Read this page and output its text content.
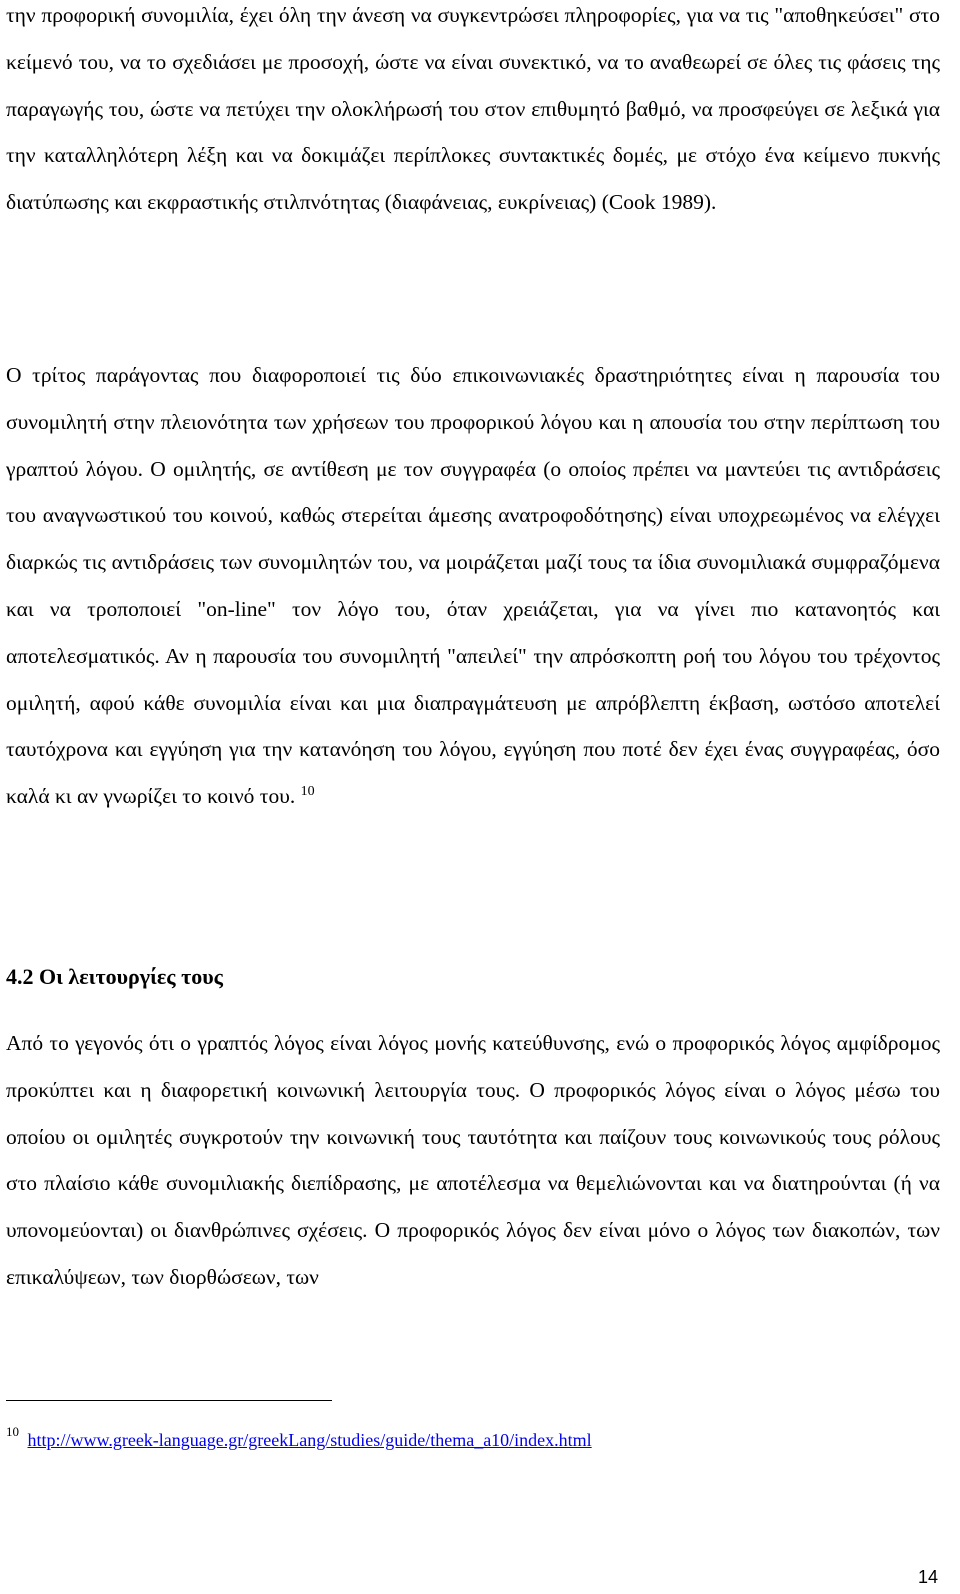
την προφορική συνομιλία, έχει όλη την άνεση να συγκεντρώσει πληροφορίες, για να τις "αποθηκεύσει" στο κείμενό του, να το σχεδιάσει με προσοχή, ώστε να είναι συνεκτικό, να το αναθεωρεί σε όλες τις φάσεις της παραγωγής του, ώστε να πετύχει την ολοκλήρωσή του στον επιθυμητό βαθμό, να προσφεύγει σε λεξικά για την καταλληλότερη λέξη και να δοκιμάζει περίπλοκες συντακτικές δομές, με στόχο ένα κείμενο πυκνής διατύπωσης και εκφραστικής στιλπνότητας (διαφάνειας, ευκρίνειας) (Cook 1989).

Ο τρίτος παράγοντας που διαφοροποιεί τις δύο επικοινωνιακές δραστηριότητες είναι η παρουσία του συνομιλητή στην πλειονότητα των χρήσεων του προφορικού λόγου και η απουσία του στην περίπτωση του γραπτού λόγου. Ο ομιλητής, σε αντίθεση με τον συγγραφέα (ο οποίος πρέπει να μαντεύει τις αντιδράσεις του αναγνωστικού του κοινού, καθώς στερείται άμεσης ανατροφοδότησης) είναι υποχρεωμένος να ελέγχει διαρκώς τις αντιδράσεις των συνομιλητών του, να μοιράζεται μαζί τους τα ίδια συνομιλιακά συμφραζόμενα και να τροποποιεί "on-line" τον λόγο του, όταν χρειάζεται, για να γίνει πιο κατανοητός και αποτελεσματικός. Αν η παρουσία του συνομιλητή "απειλεί" την απρόσκοπτη ροή του λόγου του τρέχοντος ομιλητή, αφού κάθε συνομιλία είναι και μια διαπραγμάτευση με απρόβλεπτη έκβαση, ωστόσο αποτελεί ταυτόχρονα και εγγύηση για την κατανόηση του λόγου, εγγύηση που ποτέ δεν έχει ένας συγγραφέας, όσο καλά κι αν γνωρίζει το κοινό του. $^{10}$

4.2 Οι λειτουργίες τους

Από το γεγονός ότι ο γραπτός λόγος είναι λόγος μονής κατεύθυνσης, ενώ ο προφορικός λόγος αμφίδρομος προκύπτει και η διαφορετική κοινωνική λειτουργία τους. Ο προφορικός λόγος είναι ο λόγος μέσω του οποίου οι ομιλητές συγκροτούν την κοινωνική τους ταυτότητα και παίζουν τους κοινωνικούς τους ρόλους στο πλαίσιο κάθε συνομιλιακής διεπίδρασης, με αποτέλεσμα να θεμελιώνονται και να διατηρούνται (ή να υπονομεύονται) οι διανθρώπινες σχέσεις. Ο προφορικός λόγος δεν είναι μόνο ο λόγος των διακοπών, των επικαλύψεων, των διορθώσεων, των

$^{10}$ http://www.greek-language.gr/greekLang/studies/guide/thema_a10/index.html
14
